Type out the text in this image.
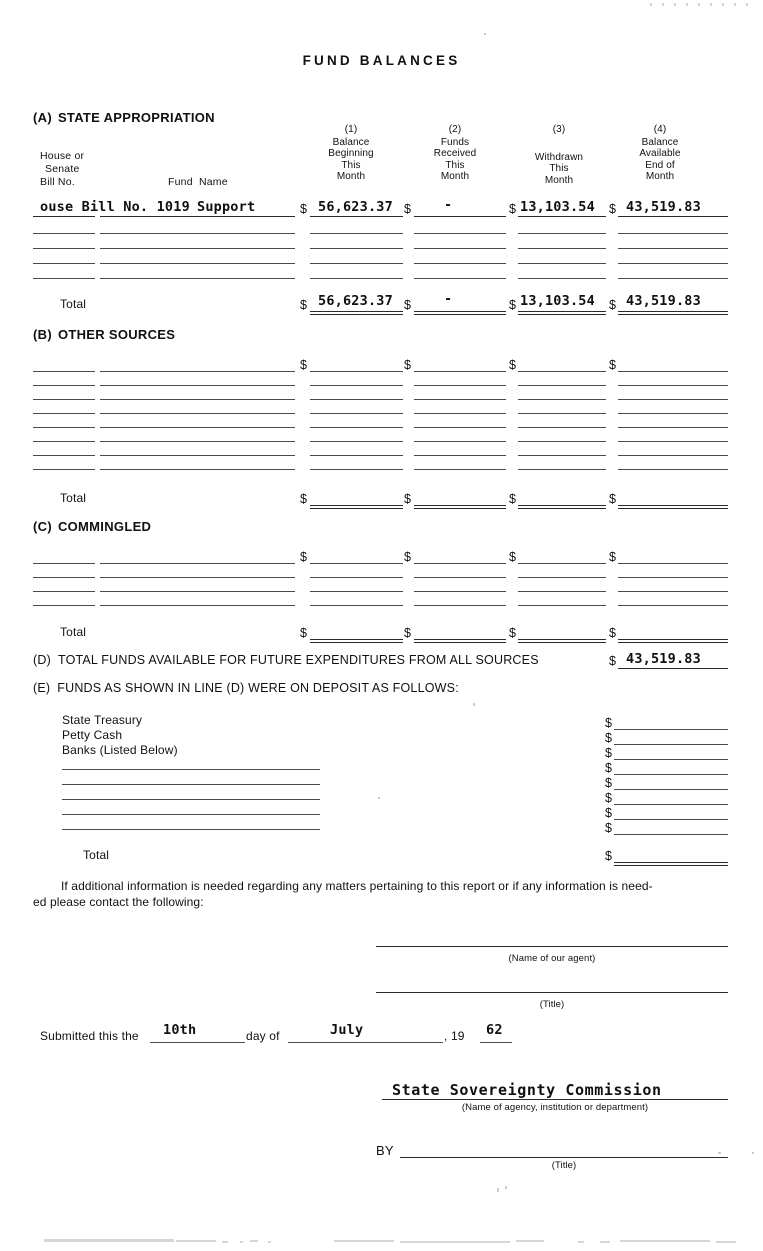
FUND BALANCES
(A) STATE APPROPRIATION
House or
Senate
Bill No.	Fund  Name
(1)
Balance
Beginning
This
Month
(2)
Funds
Received
This
Month
(3)

Withdrawn
This
Month
(4)
Balance
Available
End of
Month
ouse Bill No. 1019 Support	$ 56,623.37 $ -	$ 13,103.54 $ 43,519.83
Total	$ 56,623.37 $ -	$ 13,103.54 $ 43,519.83
(B) OTHER SOURCES
$	$	$	$
Total	$	$	$	$
(C) COMMINGLED
$	$	$	$
Total	$	$	$	$
(D) TOTAL FUNDS AVAILABLE FOR FUTURE EXPENDITURES FROM ALL SOURCES	$ 43,519.83
(E) FUNDS AS SHOWN IN LINE (D) WERE ON DEPOSIT AS FOLLOWS:
State Treasury
Petty Cash
Banks (Listed Below)
$
$
$
$
$
$
$
$
Total	$
If additional information is needed regarding any matters pertaining to this report or if any information is need-
ed please contact the following:
(Name of our agent)
(Title)
Submitted this the 10th	day of	July	, 19 62
State Sovereignty Commission
(Name of agency, institution or department)
BY
(Title)
